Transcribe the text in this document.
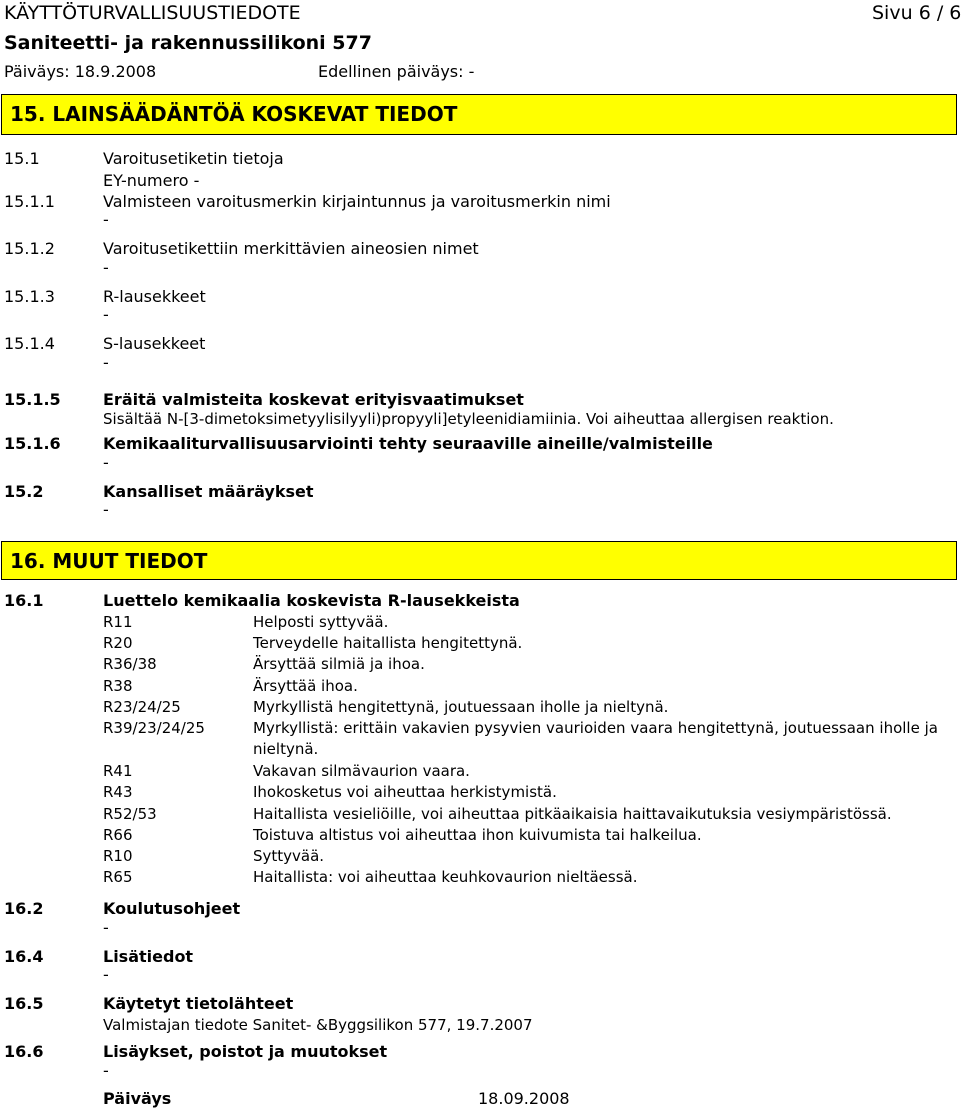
KÄYTTÖTURVALLISUUSTIEDOTE	Sivu 6 / 6
Saniteetti- ja rakennussilikoni 577
Päiväys: 18.9.2008	Edellinen päiväys: -
15. LAINSÄÄDÄNTÖÄ KOSKEVAT TIEDOT
15.1	Varoitusetiketin tietoja
EY-numero -
15.1.1	Valmisteen varoitusmerkin kirjaintunnus ja varoitusmerkin nimi
-
15.1.2	Varoitusetikettiin merkittävien aineosien nimet
-
15.1.3	R-lausekkeet
-
15.1.4	S-lausekkeet
-
15.1.5	Eräitä valmisteita koskevat erityisvaatimukset
Sisältää N-[3-dimetoksimetyylisilyyli)propyyli]etyleenidiamiinia. Voi aiheuttaa allergisen reaktion.
15.1.6	Kemikaaliturvallisuusarviointi tehty seuraaville aineille/valmisteille
-
15.2	Kansalliset määräykset
-
16. MUUT TIEDOT
16.1	Luettelo kemikaalia koskevista R-lausekkeista
R11	Helposti syttyvää.
R20	Terveydelle haitallista hengitettynä.
R36/38	Ärsyttää silmiä ja ihoa.
R38	Ärsyttää ihoa.
R23/24/25	Myrkyllistä hengitettynä, joutuessaan iholle ja nieltynä.
R39/23/24/25	Myrkyllistä: erittäin vakavien pysyvien vaurioiden vaara hengitettynä, joutuessaan iholle ja
nieltynä.
R41	Vakavan silmävaurion vaara.
R43	Ihokosketus voi aiheuttaa herkistymistä.
R52/53	Haitallista vesieliöille, voi aiheuttaa pitkäaikaisia haittavaikutuksia vesiympäristössä.
R66	Toistuva altistus voi aiheuttaa ihon kuivumista tai halkeilua.
R10	Syttyvää.
R65	Haitallista: voi aiheuttaa keuhkovaurion nieltäessä.
16.2	Koulutusohjeet
-
16.4	Lisätiedot
-
16.5	Käytetyt tietolähteet
Valmistajan tiedote Sanitet- &Byggsilikon 577, 19.7.2007
16.6	Lisäykset, poistot ja muutokset
-
Päiväys	18.09.2008
